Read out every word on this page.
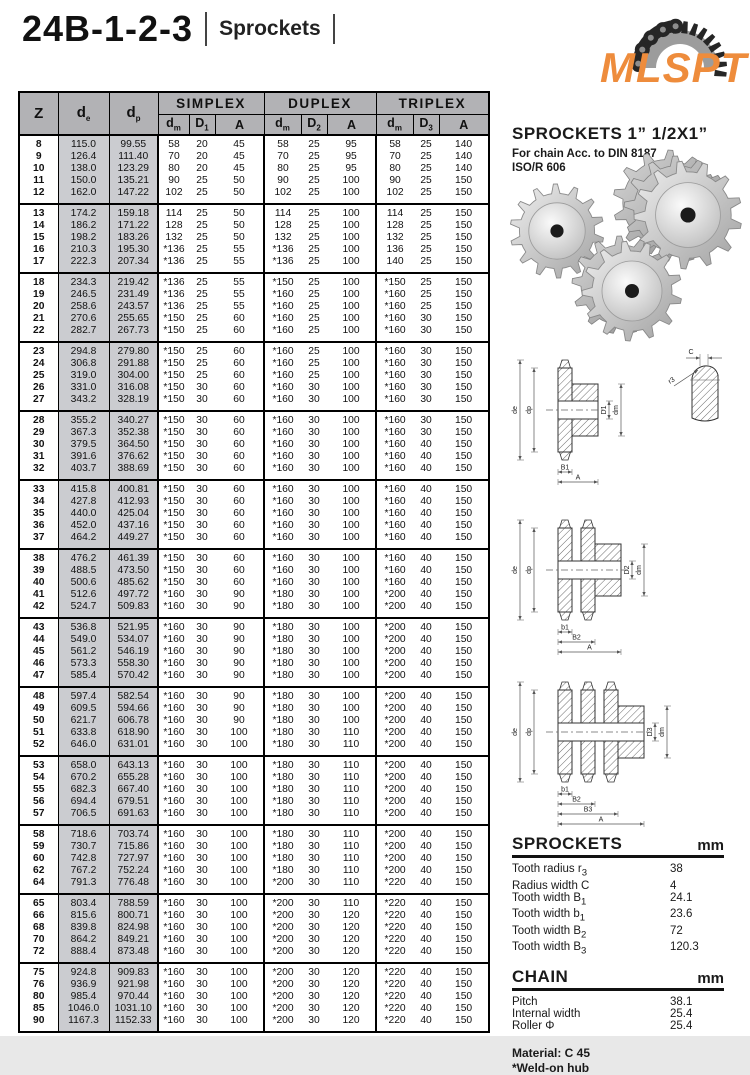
24B-1-2-3 Sprockets
MLSPT
Z	$d_e$	$d_p$	SIMPLEX			DUPLEX			TRIPLEX		
			$d_m$	$D_1$	A	$d_m$	$D_2$	A	$d_m$	$D_3$	A
8	115.0	99.55	58	20	45	58	25	95	58	25	140
9	126.4	111.40	70	20	45	70	25	95	70	25	140
10	138.0	123.29	80	20	45	80	25	95	80	25	140
11	150.0	135.21	90	25	50	90	25	100	90	25	150
12	162.0	147.22	102	25	50	102	25	100	102	25	150
13	174.2	159.18	114	25	50	114	25	100	114	25	150
14	186.2	171.22	128	25	50	128	25	100	128	25	150
15	198.2	183.26	132	25	50	132	25	100	132	25	150
16	210.3	195.30	*136	25	55	*136	25	100	136	25	150
17	222.3	207.34	*136	25	55	*136	25	100	140	25	150
18	234.3	219.42	*136	25	55	*150	25	100	*150	25	150
19	246.5	231.49	*136	25	55	*160	25	100	*160	25	150
20	258.6	243.57	*136	25	55	*160	25	100	*160	25	150
21	270.6	255.65	*150	25	60	*160	25	100	*160	30	150
22	282.7	267.73	*150	25	60	*160	25	100	*160	30	150
23	294.8	279.80	*150	25	60	*160	25	100	*160	30	150
24	306.8	291.88	*150	25	60	*160	25	100	*160	30	150
25	319.0	304.00	*150	25	60	*160	25	100	*160	30	150
26	331.0	316.08	*150	30	60	*160	30	100	*160	30	150
27	343.2	328.19	*150	30	60	*160	30	100	*160	30	150
28	355.2	340.27	*150	30	60	*160	30	100	*160	30	150
29	367.3	352.38	*150	30	60	*160	30	100	*160	30	150
30	379.5	364.50	*150	30	60	*160	30	100	*160	40	150
31	391.6	376.62	*150	30	60	*160	30	100	*160	40	150
32	403.7	388.69	*150	30	60	*160	30	100	*160	40	150
33	415.8	400.81	*150	30	60	*160	30	100	*160	40	150
34	427.8	412.93	*150	30	60	*160	30	100	*160	40	150
35	440.0	425.04	*150	30	60	*160	30	100	*160	40	150
36	452.0	437.16	*150	30	60	*160	30	100	*160	40	150
37	464.2	449.27	*150	30	60	*160	30	100	*160	40	150
38	476.2	461.39	*150	30	60	*160	30	100	*160	40	150
39	488.5	473.50	*150	30	60	*160	30	100	*160	40	150
40	500.6	485.62	*150	30	60	*160	30	100	*160	40	150
41	512.6	497.72	*160	30	90	*180	30	100	*200	40	150
42	524.7	509.83	*160	30	90	*180	30	100	*200	40	150
43	536.8	521.95	*160	30	90	*180	30	100	*200	40	150
44	549.0	534.07	*160	30	90	*180	30	100	*200	40	150
45	561.2	546.19	*160	30	90	*180	30	100	*200	40	150
46	573.3	558.30	*160	30	90	*180	30	100	*200	40	150
47	585.4	570.42	*160	30	90	*180	30	100	*200	40	150
48	597.4	582.54	*160	30	90	*180	30	100	*200	40	150
49	609.5	594.66	*160	30	90	*180	30	100	*200	40	150
50	621.7	606.78	*160	30	90	*180	30	100	*200	40	150
51	633.8	618.90	*160	30	100	*180	30	110	*200	40	150
52	646.0	631.01	*160	30	100	*180	30	110	*200	40	150
53	658.0	643.13	*160	30	100	*180	30	110	*200	40	150
54	670.2	655.28	*160	30	100	*180	30	110	*200	40	150
55	682.3	667.40	*160	30	100	*180	30	110	*200	40	150
56	694.4	679.51	*160	30	100	*180	30	110	*200	40	150
57	706.5	691.63	*160	30	100	*180	30	110	*200	40	150
58	718.6	703.74	*160	30	100	*180	30	110	*200	40	150
59	730.7	715.86	*160	30	100	*180	30	110	*200	40	150
60	742.8	727.97	*160	30	100	*180	30	110	*200	40	150
62	767.2	752.24	*160	30	100	*180	30	110	*200	40	150
64	791.3	776.48	*160	30	100	*200	30	110	*220	40	150
65	803.4	788.59	*160	30	100	*200	30	110	*220	40	150
66	815.6	800.71	*160	30	100	*200	30	120	*220	40	150
68	839.8	824.98	*160	30	100	*200	30	120	*220	40	150
70	864.2	849.21	*160	30	100	*200	30	120	*220	40	150
72	888.4	873.48	*160	30	100	*200	30	120	*220	40	150
75	924.8	909.83	*160	30	100	*200	30	120	*220	40	150
76	936.9	921.98	*160	30	100	*200	30	120	*220	40	150
80	985.4	970.44	*160	30	100	*200	30	120	*220	40	150
85	1046.0	1031.10	*160	30	100	*200	30	120	*220	40	150
90	1167.3	1152.33	*160	30	100	*200	30	120	*220	40	150
SPROCKETS 1” 1/2X1”
For chain Acc. to DIN 8187
ISO/R 606
de dp	D1 dm
B1
A
de dp	D2 dm
b1
B2
A
de dp	D3 dm
b1
B2
B3
A
C
r3
SPROCKETS	mm
Tooth radius $r_3$	38
Radius width C	4
Tooth width $B_1$	24.1
Tooth width $b_1$	23.6
Tooth width $B_2$	72
Tooth width $B_3$	120.3
CHAIN	mm
Pitch	38.1
Internal width	25.4
Roller Φ	25.4
Material: C 45
*Weld-on hub
